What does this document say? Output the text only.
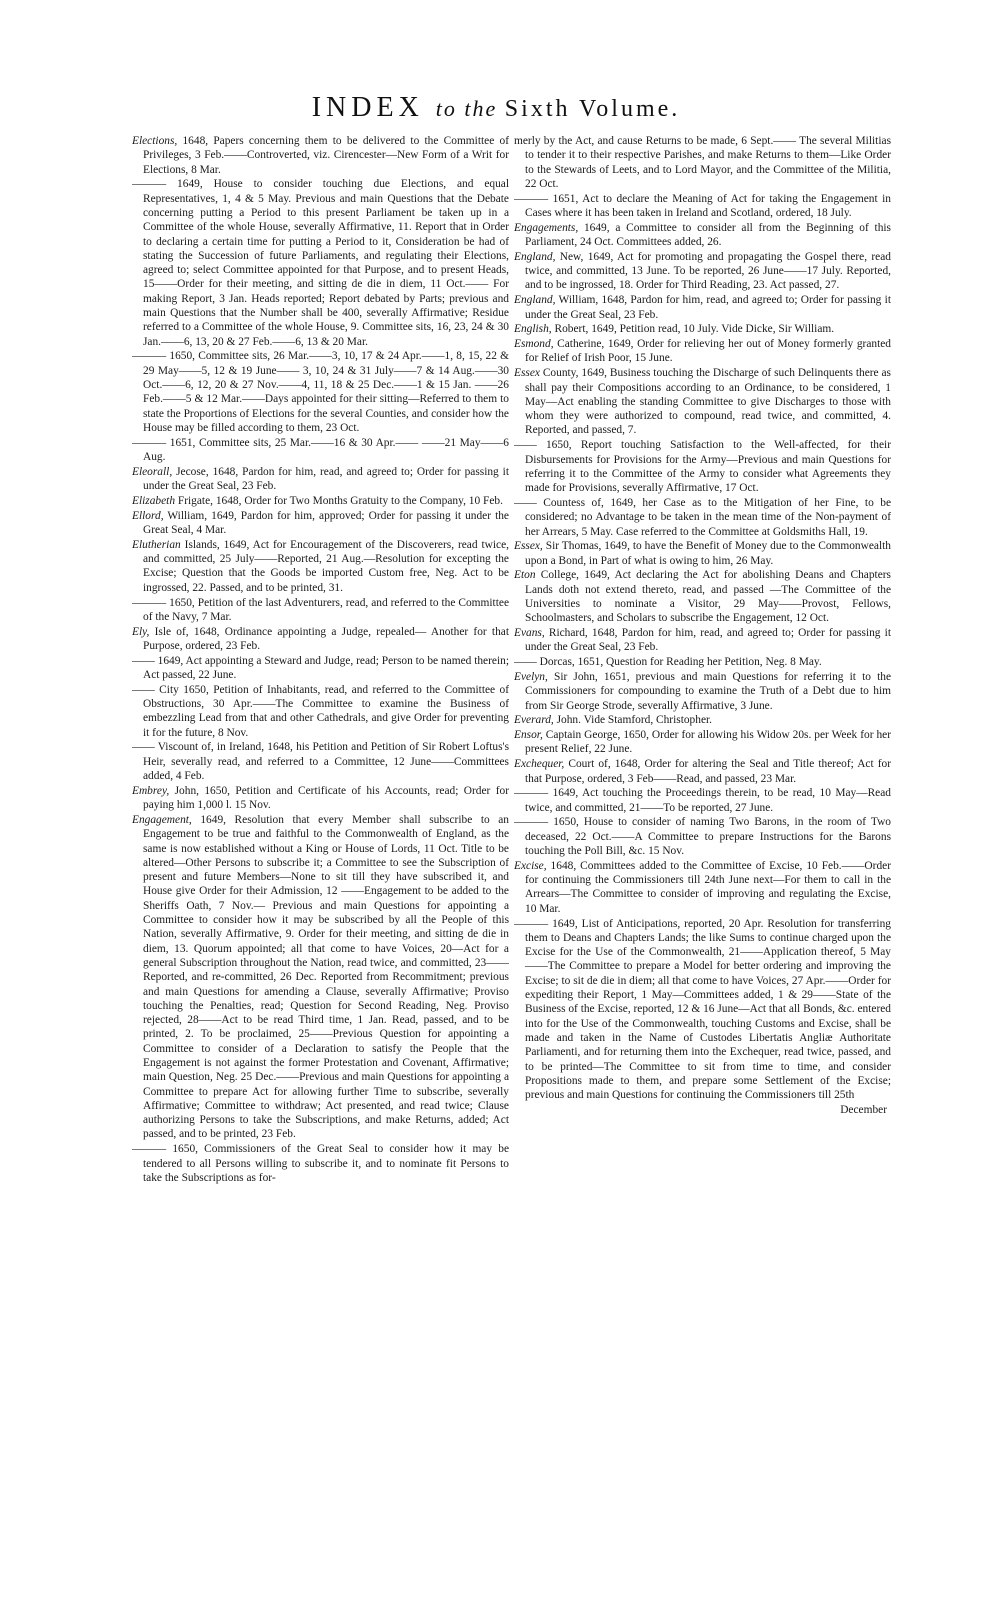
INDEX to the Sixth Volume.

Elections, 1648, Papers concerning them to be delivered to the Committee of Privileges, 3 Feb.——Controverted, viz. Cirencester—New Form of a Writ for Elections, 8 Mar.

——— 1649, House to consider touching due Elections, and equal Representatives, 1, 4 & 5 May. Previous and main Questions that the Debate concerning putting a Period to this present Parliament be taken up in a Committee of the whole House, severally Affirmative, 11. Report that in Order to declaring a certain time for putting a Period to it, Consideration be had of stating the Succession of future Parliaments, and regulating their Elections, agreed to; select Committee appointed for that Purpose, and to present Heads, 15——Order for their meeting, and sitting de die in diem, 11 Oct.—— For making Report, 3 Jan. Heads reported; Report debated by Parts; previous and main Questions that the Number shall be 400, severally Affirmative; Residue referred to a Committee of the whole House, 9. Committee sits, 16, 23, 24 & 30 Jan.——6, 13, 20 & 27 Feb.——6, 13 & 20 Mar.

——— 1650, Committee sits, 26 Mar.——3, 10, 17 & 24 Apr.——1, 8, 15, 22 & 29 May——5, 12 & 19 June—— 3, 10, 24 & 31 July——7 & 14 Aug.——30 Oct.——6, 12, 20 & 27 Nov.——4, 11, 18 & 25 Dec.——1 & 15 Jan. ——26 Feb.——5 & 12 Mar.——Days appointed for their sitting—Referred to them to state the Proportions of Elections for the several Counties, and consider how the House may be filled according to them, 23 Oct.

——— 1651, Committee sits, 25 Mar.——16 & 30 Apr.—— ——21 May——6 Aug.

Eleorall, Jecose, 1648, Pardon for him, read, and agreed to; Order for passing it under the Great Seal, 23 Feb.

Elizabeth Frigate, 1648, Order for Two Months Gratuity to the Company, 10 Feb.

Ellord, William, 1649, Pardon for him, approved; Order for passing it under the Great Seal, 4 Mar.

Elutherian Islands, 1649, Act for Encouragement of the Discoverers, read twice, and committed, 25 July——Reported, 21 Aug.—Resolution for excepting the Excise; Question that the Goods be imported Custom free, Neg. Act to be ingrossed, 22. Passed, and to be printed, 31.

——— 1650, Petition of the last Adventurers, read, and referred to the Committee of the Navy, 7 Mar.

Ely, Isle of, 1648, Ordinance appointing a Judge, repealed— Another for that Purpose, ordered, 23 Feb.

—— 1649, Act appointing a Steward and Judge, read; Person to be named therein; Act passed, 22 June.

—— City 1650, Petition of Inhabitants, read, and referred to the Committee of Obstructions, 30 Apr.——The Committee to examine the Business of embezzling Lead from that and other Cathedrals, and give Order for preventing it for the future, 8 Nov.

—— Viscount of, in Ireland, 1648, his Petition and Petition of Sir Robert Loftus's Heir, severally read, and referred to a Committee, 12 June——Committees added, 4 Feb.

Embrey, John, 1650, Petition and Certificate of his Accounts, read; Order for paying him 1,000 l. 15 Nov.

Engagement, 1649, Resolution that every Member shall subscribe to an Engagement to be true and faithful to the Commonwealth of England, as the same is now established without a King or House of Lords, 11 Oct. Title to be altered—Other Persons to subscribe it; a Committee to see the Subscription of present and future Members—None to sit till they have subscribed it, and House give Order for their Admission, 12 ——Engagement to be added to the Sheriffs Oath, 7 Nov.— Previous and main Questions for appointing a Committee to consider how it may be subscribed by all the People of this Nation, severally Affirmative, 9. Order for their meeting, and sitting de die in diem, 13. Quorum appointed; all that come to have Voices, 20—Act for a general Subscription throughout the Nation, read twice, and committed, 23—— Reported, and re-committed, 26 Dec. Reported from Recommitment; previous and main Questions for amending a Clause, severally Affirmative; Proviso touching the Penalties, read; Question for Second Reading, Neg. Proviso rejected, 28——Act to be read Third time, 1 Jan. Read, passed, and to be printed, 2. To be proclaimed, 25——Previous Question for appointing a Committee to consider of a Declaration to satisfy the People that the Engagement is not against the former Protestation and Covenant, Affirmative; main Question, Neg. 25 Dec.——Previous and main Questions for appointing a Committee to prepare Act for allowing further Time to subscribe, severally Affirmative; Committee to withdraw; Act presented, and read twice; Clause authorizing Persons to take the Subscriptions, and make Returns, added; Act passed, and to be printed, 23 Feb.

——— 1650, Commissioners of the Great Seal to consider how it may be tendered to all Persons willing to subscribe it, and to nominate fit Persons to take the Subscriptions as for-

merly by the Act, and cause Returns to be made, 6 Sept.—— The several Militias to tender it to their respective Parishes, and make Returns to them—Like Order to the Stewards of Leets, and to Lord Mayor, and the Committee of the Militia, 22 Oct.

——— 1651, Act to declare the Meaning of Act for taking the Engagement in Cases where it has been taken in Ireland and Scotland, ordered, 18 July.

Engagements, 1649, a Committee to consider all from the Beginning of this Parliament, 24 Oct. Committees added, 26.

England, New, 1649, Act for promoting and propagating the Gospel there, read twice, and committed, 13 June. To be reported, 26 June——17 July. Reported, and to be ingrossed, 18. Order for Third Reading, 23. Act passed, 27.

England, William, 1648, Pardon for him, read, and agreed to; Order for passing it under the Great Seal, 23 Feb.

English, Robert, 1649, Petition read, 10 July. Vide Dicke, Sir William.

Esmond, Catherine, 1649, Order for relieving her out of Money formerly granted for Relief of Irish Poor, 15 June.

Essex County, 1649, Business touching the Discharge of such Delinquents there as shall pay their Compositions according to an Ordinance, to be considered, 1 May—Act enabling the standing Committee to give Discharges to those with whom they were authorized to compound, read twice, and committed, 4. Reported, and passed, 7.

—— 1650, Report touching Satisfaction to the Well-affected, for their Disbursements for Provisions for the Army—Previous and main Questions for referring it to the Committee of the Army to consider what Agreements they made for Provisions, severally Affirmative, 17 Oct.

—— Countess of, 1649, her Case as to the Mitigation of her Fine, to be considered; no Advantage to be taken in the mean time of the Non-payment of her Arrears, 5 May. Case referred to the Committee at Goldsmiths Hall, 19.

Essex, Sir Thomas, 1649, to have the Benefit of Money due to the Commonwealth upon a Bond, in Part of what is owing to him, 26 May.

Eton College, 1649, Act declaring the Act for abolishing Deans and Chapters Lands doth not extend thereto, read, and passed —The Committee of the Universities to nominate a Visitor, 29 May——Provost, Fellows, Schoolmasters, and Scholars to subscribe the Engagement, 12 Oct.

Evans, Richard, 1648, Pardon for him, read, and agreed to; Order for passing it under the Great Seal, 23 Feb.

—— Dorcas, 1651, Question for Reading her Petition, Neg. 8 May.

Evelyn, Sir John, 1651, previous and main Questions for referring it to the Commissioners for compounding to examine the Truth of a Debt due to him from Sir George Strode, severally Affirmative, 3 June.

Everard, John. Vide Stamford, Christopher.

Ensor, Captain George, 1650, Order for allowing his Widow 20s. per Week for her present Relief, 22 June.

Exchequer, Court of, 1648, Order for altering the Seal and Title thereof; Act for that Purpose, ordered, 3 Feb——Read, and passed, 23 Mar.

——— 1649, Act touching the Proceedings therein, to be read, 10 May—Read twice, and committed, 21——To be reported, 27 June.

——— 1650, House to consider of naming Two Barons, in the room of Two deceased, 22 Oct.——A Committee to prepare Instructions for the Barons touching the Poll Bill, &c. 15 Nov.

Excise, 1648, Committees added to the Committee of Excise, 10 Feb.——Order for continuing the Commissioners till 24th June next—For them to call in the Arrears—The Committee to consider of improving and regulating the Excise, 10 Mar.

——— 1649, List of Anticipations, reported, 20 Apr. Resolution for transferring them to Deans and Chapters Lands; the like Sums to continue charged upon the Excise for the Use of the Commonwealth, 21——Application thereof, 5 May——The Committee to prepare a Model for better ordering and improving the Excise; to sit de die in diem; all that come to have Voices, 27 Apr.——Order for expediting their Report, 1 May—Committees added, 1 & 29——State of the Business of the Excise, reported, 12 & 16 June—Act that all Bonds, &c. entered into for the Use of the Commonwealth, touching Customs and Excise, shall be made and taken in the Name of Custodes Libertatis Angliæ Authoritate Parliamenti, and for returning them into the Exchequer, read twice, passed, and to be printed—The Committee to sit from time to time, and consider Propositions made to them, and prepare some Settlement of the Excise; previous and main Questions for continuing the Commissioners till 25th

December
